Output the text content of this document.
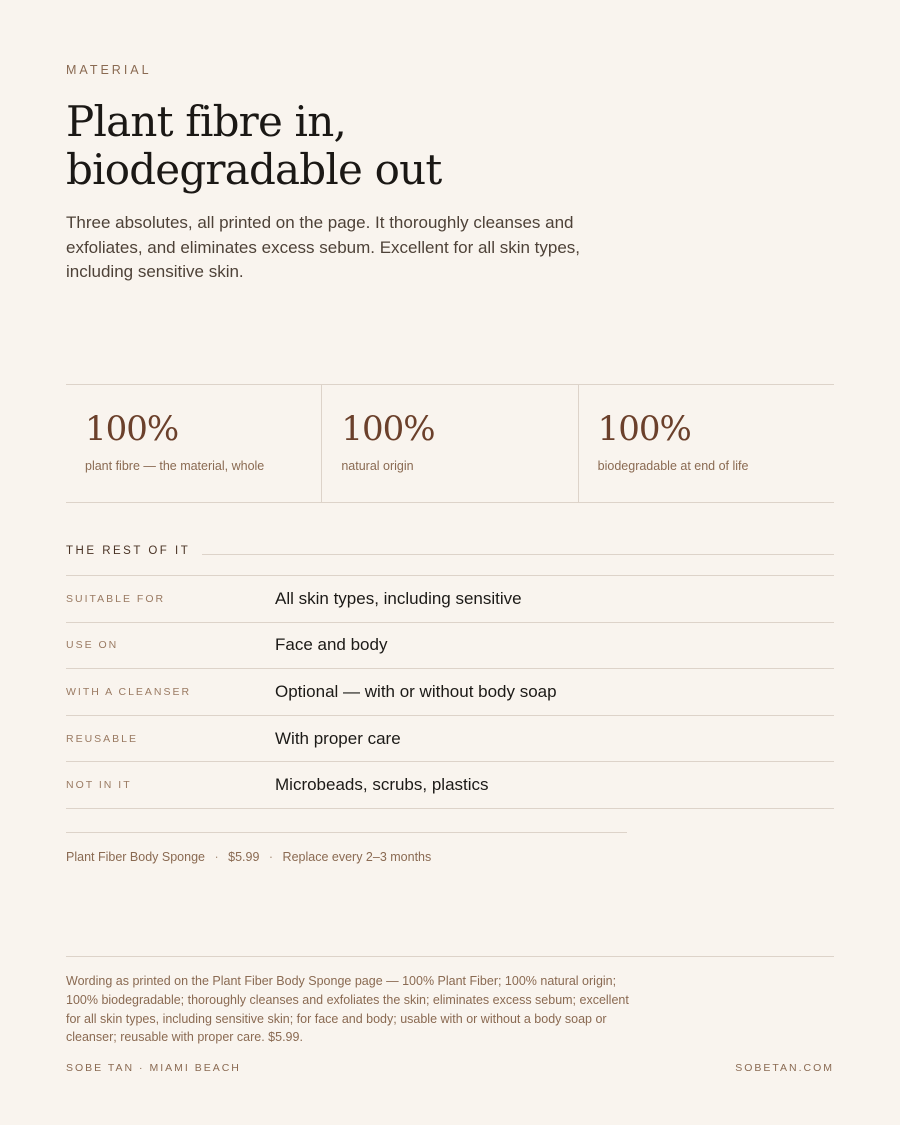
MATERIAL
Plant fibre in,
biodegradable out

Three absolutes, all printed on the page. It thoroughly cleanses and exfoliates, and eliminates excess sebum. Excellent for all skin types, including sensitive skin.

100%
plant fibre — the material, whole
100%
natural origin
100%
biodegradable at end of life
THE REST OF IT
SUITABLE FOR	All skin types, including sensitive
USE ON	Face and body
WITH A CLEANSER	Optional — with or without body soap
REUSABLE	With proper care
NOT IN IT	Microbeads, scrubs, plastics
Plant Fiber Body Sponge · $5.99 · Replace every 2–3 months

Wording as printed on the Plant Fiber Body Sponge page — 100% Plant Fiber; 100% natural origin; 100% biodegradable; thoroughly cleanses and exfoliates the skin; eliminates excess sebum; excellent for all skin types, including sensitive skin; for face and body; usable with or without a body soap or cleanser; reusable with proper care. $5.99.

SOBE TAN · MIAMI BEACH	SOBETAN.COM
